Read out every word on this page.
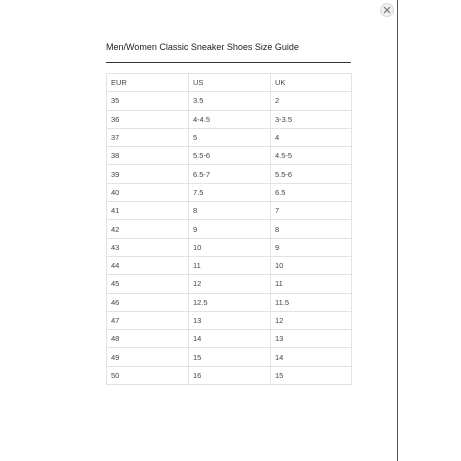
Men/Women Classic Sneaker Shoes Size Guide
EUR	US	UK
35	3.5	2
36	4-4.5	3-3.5
37	5	4
38	5.5-6	4.5-5
39	6.5-7	5.5-6
40	7.5	6.5
41	8	7
42	9	8
43	10	9
44	11	10
45	12	11
46	12.5	11.5
47	13	12
48	14	13
49	15	14
50	16	15
